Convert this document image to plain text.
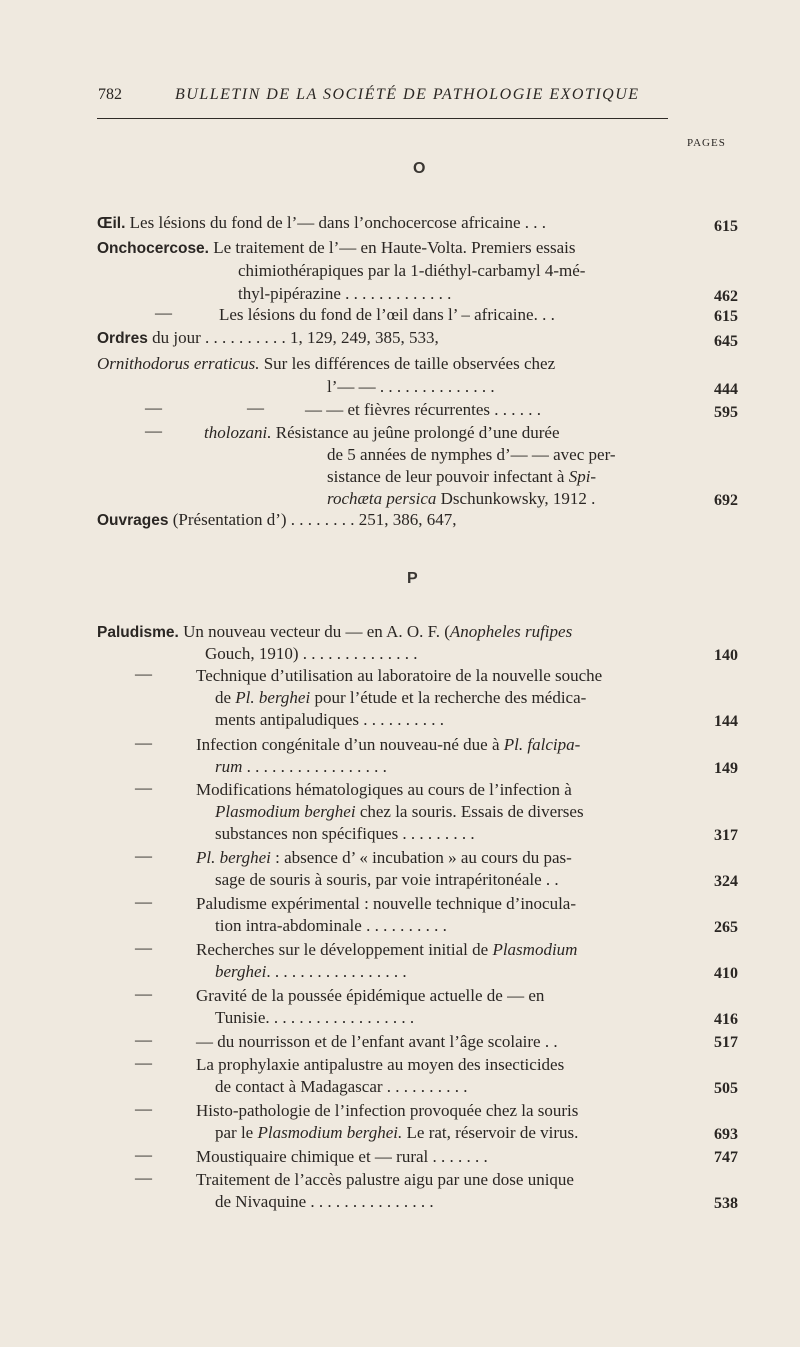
782	BULLETIN DE LA SOCIÉTÉ DE PATHOLOGIE EXOTIQUE
PAGES
O
Œil. Les lésions du fond de l’— dans l’onchocercose africaine . . .	615
Onchocercose. Le traitement de l’— en Haute-Volta. Premiers essais
chimiothérapiques par la 1-diéthyl-carbamyl 4-mé-
thyl-pipérazine . . . . . . . . . . . . .	462
—	Les lésions du fond de l’œil dans l’ – africaine. . .	615
Ordres du jour . . . . . . . . . . 1, 129, 249, 385, 533,	645
Ornithodorus erraticus. Sur les différences de taille observées chez
l’— — . . . . . . . . . . . . . .	444
—	— — — et fièvres récurrentes . . . . . .	595
— tholozani. Résistance au jeûne prolongé d’une durée
de 5 années de nymphes d’— — avec per-
sistance de leur pouvoir infectant à Spi-
rochæta persica Dschunkowsky, 1912 .	692
Ouvrages (Présentation d’) . . . . . . . . 251, 386, 647,
P
Paludisme. Un nouveau vecteur du — en A. O. F. (Anopheles rufipes
Gouch, 1910) . . . . . . . . . . . . . .	140
—	Technique d’utilisation au laboratoire de la nouvelle souche
de Pl. berghei pour l’étude et la recherche des médica-
ments antipaludiques . . . . . . . . . .	144
—	Infection congénitale d’un nouveau-né due à Pl. falcipa-
rum . . . . . . . . . . . . . . . . .	149
—	Modifications hématologiques au cours de l’infection à
Plasmodium berghei chez la souris. Essais de diverses
substances non spécifiques . . . . . . . . .	317
—	Pl. berghei : absence d’ « incubation » au cours du pas-
sage de souris à souris, par voie intrapéritonéale . .	324
—	Paludisme expérimental : nouvelle technique d’inocula-
tion intra-abdominale . . . . . . . . . .	265
—	Recherches sur le développement initial de Plasmodium
berghei. . . . . . . . . . . . . . . . .	410
—	Gravité de la poussée épidémique actuelle de — en
Tunisie. . . . . . . . . . . . . . . . . .	416
—	— du nourrisson et de l’enfant avant l’âge scolaire . .	517
—	La prophylaxie antipalustre au moyen des insecticides
de contact à Madagascar . . . . . . . . . .	505
—	Histo-pathologie de l’infection provoquée chez la souris
par le Plasmodium berghei. Le rat, réservoir de virus.	693
—	Moustiquaire chimique et — rural . . . . . . .	747
—	Traitement de l’accès palustre aigu par une dose unique
de Nivaquine . . . . . . . . . . . . . . .	538
